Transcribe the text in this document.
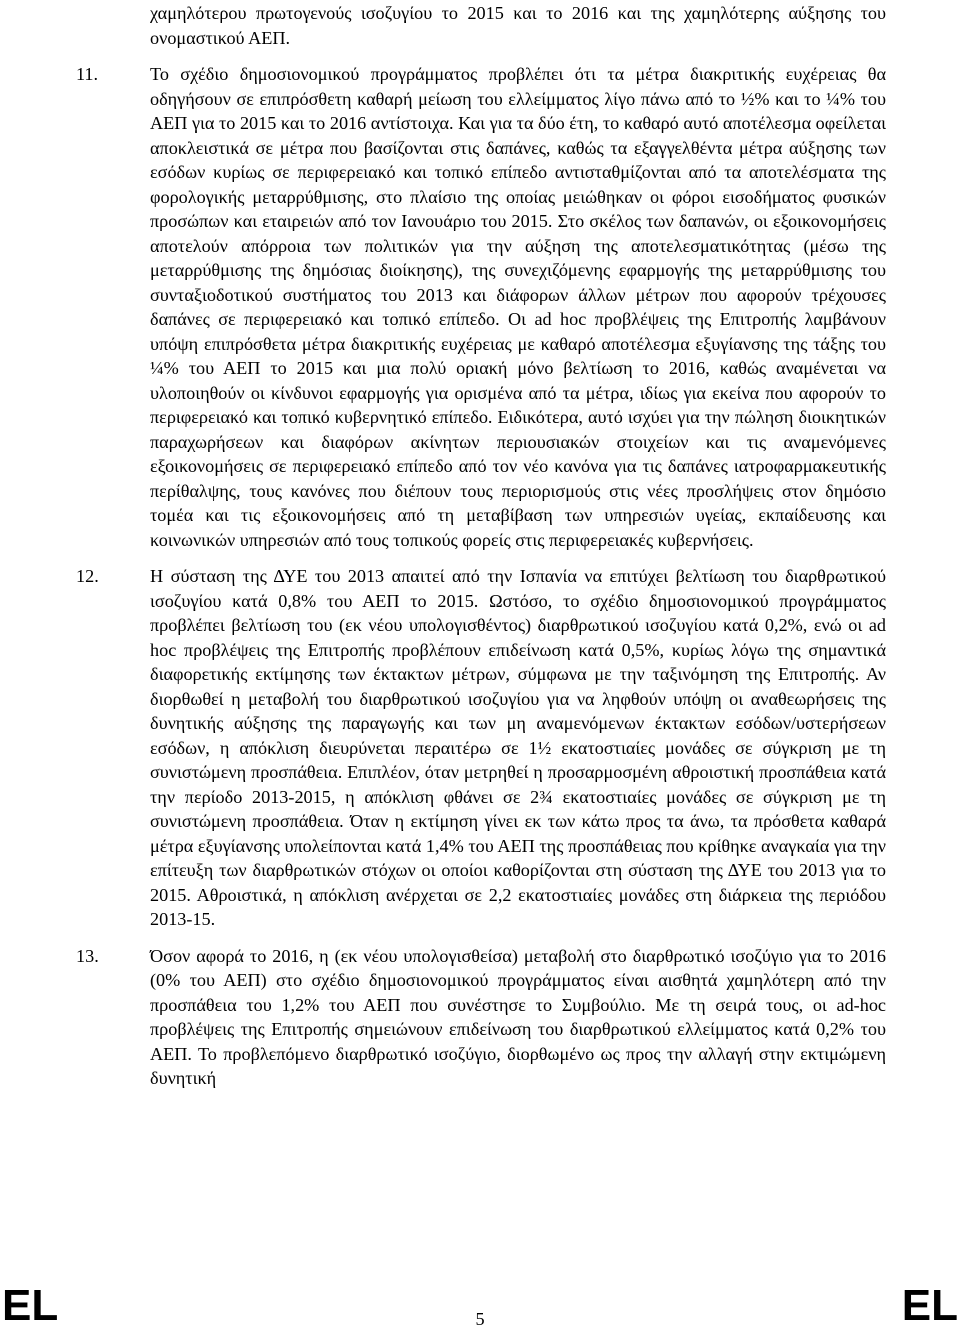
χαμηλότερου πρωτογενούς ισοζυγίου το 2015 και το 2016 και της χαμηλότερης αύξησης του ονομαστικού ΑΕΠ.

11.	Το σχέδιο δημοσιονομικού προγράμματος προβλέπει ότι τα μέτρα διακριτικής ευχέρειας θα οδηγήσουν σε επιπρόσθετη καθαρή μείωση του ελλείμματος λίγο πάνω από το ½% και το ¼% του ΑΕΠ για το 2015 και το 2016 αντίστοιχα. Και για τα δύο έτη, το καθαρό αυτό αποτέλεσμα οφείλεται αποκλειστικά σε μέτρα που βασίζονται στις δαπάνες, καθώς τα εξαγγελθέντα μέτρα αύξησης των εσόδων κυρίως σε περιφερειακό και τοπικό επίπεδο αντισταθμίζονται από τα αποτελέσματα της φορολογικής μεταρρύθμισης, στο πλαίσιο της οποίας μειώθηκαν οι φόροι εισοδήματος φυσικών προσώπων και εταιρειών από τον Ιανουάριο του 2015. Στο σκέλος των δαπανών, οι εξοικονομήσεις αποτελούν απόρροια των πολιτικών για την αύξηση της αποτελεσματικότητας (μέσω της μεταρρύθμισης της δημόσιας διοίκησης), της συνεχιζόμενης εφαρμογής της μεταρρύθμισης του συνταξιοδοτικού συστήματος του 2013 και διάφορων άλλων μέτρων που αφορούν τρέχουσες δαπάνες σε περιφερειακό και τοπικό επίπεδο. Οι ad hoc προβλέψεις της Επιτροπής λαμβάνουν υπόψη επιπρόσθετα μέτρα διακριτικής ευχέρειας με καθαρό αποτέλεσμα εξυγίανσης της τάξης του ¼% του ΑΕΠ το 2015 και μια πολύ οριακή μόνο βελτίωση το 2016, καθώς αναμένεται να υλοποιηθούν οι κίνδυνοι εφαρμογής για ορισμένα από τα μέτρα, ιδίως για εκείνα που αφορούν το περιφερειακό και τοπικό κυβερνητικό επίπεδο. Ειδικότερα, αυτό ισχύει για την πώληση διοικητικών παραχωρήσεων και διαφόρων ακίνητων περιουσιακών στοιχείων και τις αναμενόμενες εξοικονομήσεις σε περιφερειακό επίπεδο από τον νέο κανόνα για τις δαπάνες ιατροφαρμακευτικής περίθαλψης, τους κανόνες που διέπουν τους περιορισμούς στις νέες προσλήψεις στον δημόσιο τομέα και τις εξοικονομήσεις από τη μεταβίβαση των υπηρεσιών υγείας, εκπαίδευσης και κοινωνικών υπηρεσιών από τους τοπικούς φορείς στις περιφερειακές κυβερνήσεις.

12.	Η σύσταση της ΔΥΕ του 2013 απαιτεί από την Ισπανία να επιτύχει βελτίωση του διαρθρωτικού ισοζυγίου κατά 0,8% του ΑΕΠ το 2015. Ωστόσο, το σχέδιο δημοσιονομικού προγράμματος προβλέπει βελτίωση του (εκ νέου υπολογισθέντος) διαρθρωτικού ισοζυγίου κατά 0,2%, ενώ οι ad hoc προβλέψεις της Επιτροπής προβλέπουν επιδείνωση κατά 0,5%, κυρίως λόγω της σημαντικά διαφορετικής εκτίμησης των έκτακτων μέτρων, σύμφωνα με την ταξινόμηση της Επιτροπής. Αν διορθωθεί η μεταβολή του διαρθρωτικού ισοζυγίου για να ληφθούν υπόψη οι αναθεωρήσεις της δυνητικής αύξησης της παραγωγής και των μη αναμενόμενων έκτακτων εσόδων/υστερήσεων εσόδων, η απόκλιση διευρύνεται περαιτέρω σε 1½ εκατοστιαίες μονάδες σε σύγκριση με τη συνιστώμενη προσπάθεια. Επιπλέον, όταν μετρηθεί η προσαρμοσμένη αθροιστική προσπάθεια κατά την περίοδο 2013-2015, η απόκλιση φθάνει σε 2¾ εκατοστιαίες μονάδες σε σύγκριση με τη συνιστώμενη προσπάθεια. Όταν η εκτίμηση γίνει εκ των κάτω προς τα άνω, τα πρόσθετα καθαρά μέτρα εξυγίανσης υπολείπονται κατά 1,4% του ΑΕΠ της προσπάθειας που κρίθηκε αναγκαία για την επίτευξη των διαρθρωτικών στόχων οι οποίοι καθορίζονται στη σύσταση της ΔΥΕ του 2013 για το 2015. Αθροιστικά, η απόκλιση ανέρχεται σε 2,2 εκατοστιαίες μονάδες στη διάρκεια της περιόδου 2013-15.

13.	Όσον αφορά το 2016, η (εκ νέου υπολογισθείσα) μεταβολή στο διαρθρωτικό ισοζύγιο για το 2016 (0% του ΑΕΠ) στο σχέδιο δημοσιονομικού προγράμματος είναι αισθητά χαμηλότερη από την προσπάθεια του 1,2% του ΑΕΠ που συνέστησε το Συμβούλιο. Με τη σειρά τους, οι ad-hoc προβλέψεις της Επιτροπής σημειώνουν επιδείνωση του διαρθρωτικού ελλείμματος κατά 0,2% του ΑΕΠ. Το προβλεπόμενο διαρθρωτικό ισοζύγιο, διορθωμένο ως προς την αλλαγή στην εκτιμώμενη δυνητική

EL	5	EL
